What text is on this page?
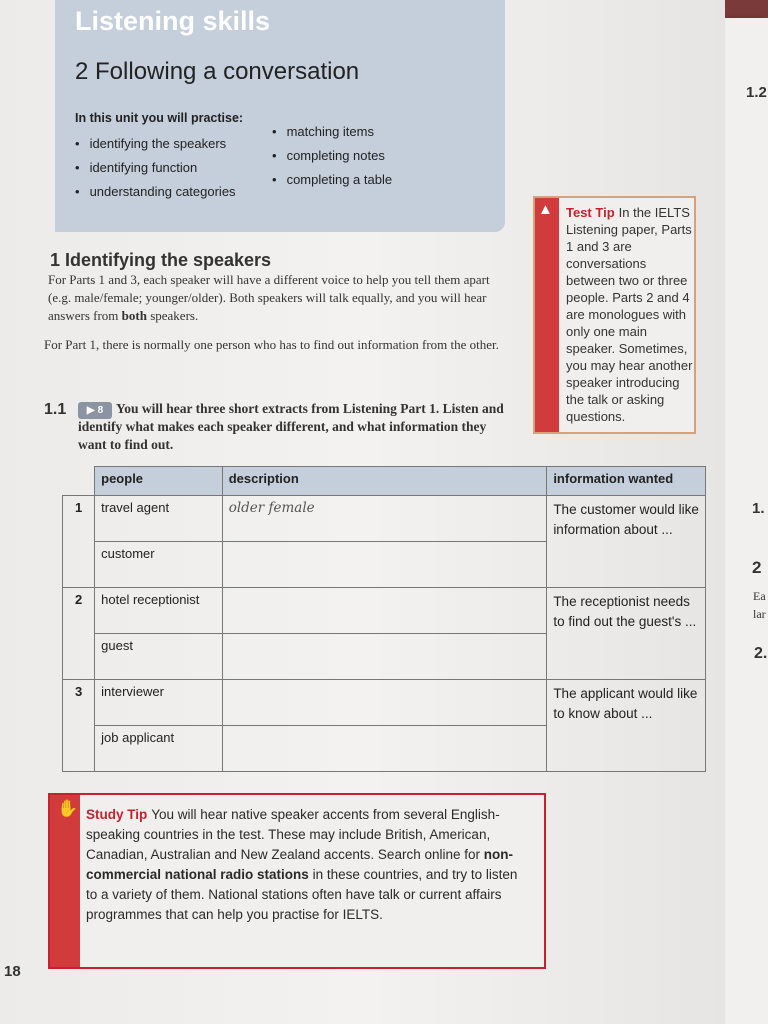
1.2
1.
2
Ea
lar
2.
Listening skills
2 Following a conversation
In this unit you will practise:
• identifying the speakers
• identifying function
• understanding categories
• matching items
• completing notes
• completing a table
1 Identifying the speakers

For Parts 1 and 3, each speaker will have a different voice to help you tell them apart (e.g. male/female; younger/older). Both speakers will talk equally, and you will hear answers from both speakers.

For Part 1, there is normally one person who has to find out information from the other.

1.1	You will hear three short extracts from Listening Part 1. Listen and identify what makes each speaker different, and what information they want to find out.

▶ 8
	people	description	information wanted
1	travel agent	older female	The customer would like information about ...
	customer		
2	hotel receptionist		The receptionist needs to find out the guest's ...
	guest		
3	interviewer		The applicant would like to know about ...
	job applicant		
▲ Test Tip In the IELTS Listening paper, Parts 1 and 3 are conversations between two or three people. Parts 2 and 4 are monologues with only one main speaker. Sometimes, you may hear another speaker introducing the talk or asking questions.
✋ Study Tip You will hear native speaker accents from several English-speaking countries in the test. These may include British, American, Canadian, Australian and New Zealand accents. Search online for non-commercial national radio stations in these countries, and try to listen to a variety of them. National stations often have talk or current affairs programmes that can help you practise for IELTS.
18
